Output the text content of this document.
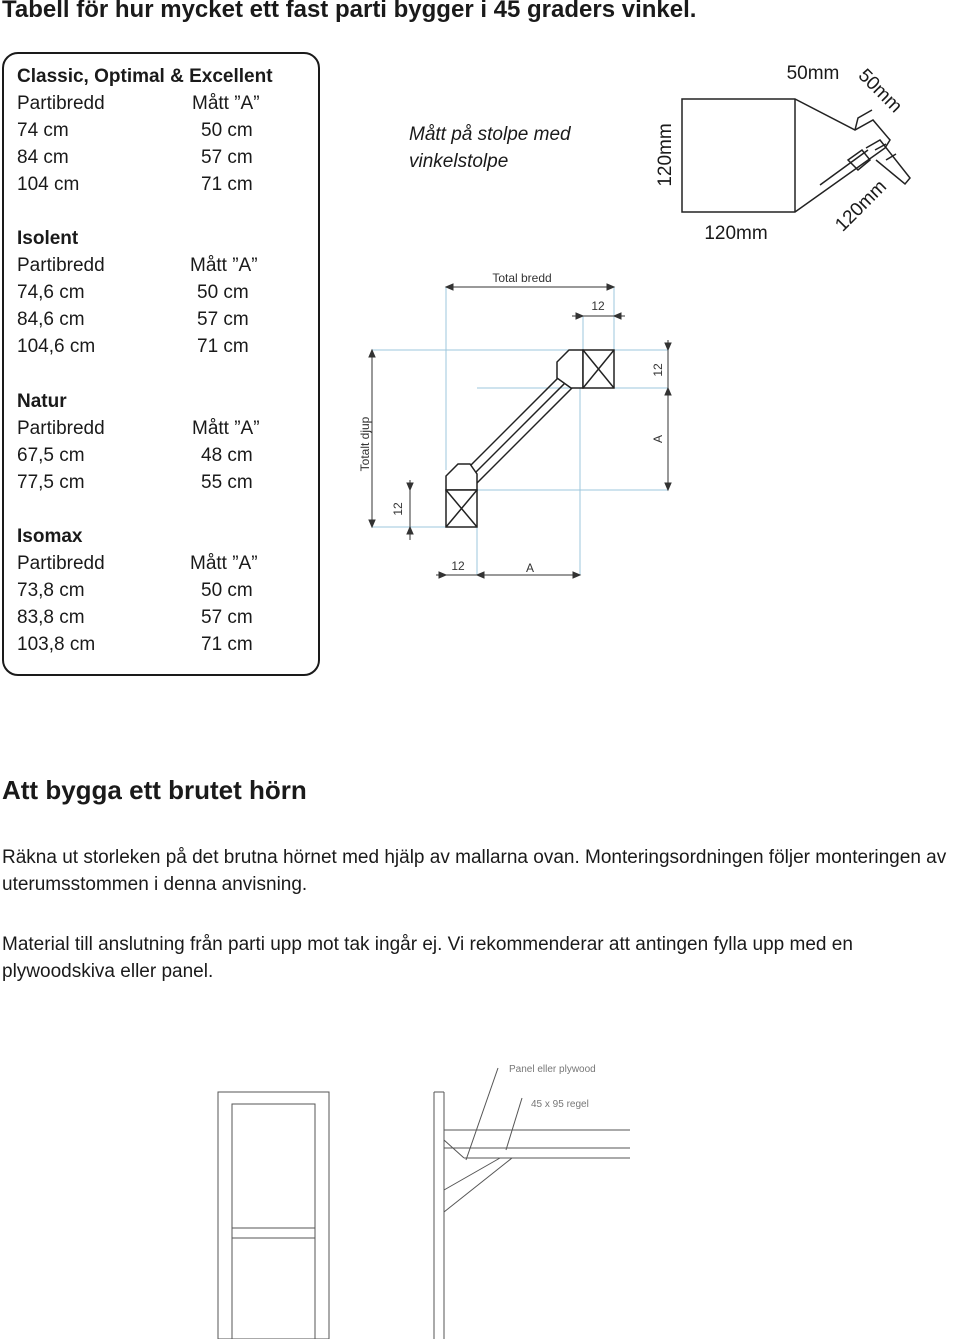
Tabell för hur mycket ett fast parti bygger i 45 graders vinkel.
Classic, Optimal & Excellent
Partibredd	Mått ”A”
74 cm	50 cm
84 cm	57 cm
104 cm	71 cm
Isolent
Partibredd	Mått ”A”
74,6 cm	50 cm
84,6 cm	57 cm
104,6 cm	71 cm
Natur
Partibredd	Mått ”A”
67,5 cm	48 cm
77,5 cm	55 cm
Isomax
Partibredd	Mått ”A”
73,8 cm	50 cm
83,8 cm	57 cm
103,8 cm	71 cm
Mått på stolpe med
vinkelstolpe
Total bredd
12
Totalt djup
12
12
A
12	A
50mm 50mm
120mm
120mm	120mm
Att bygga ett brutet hörn

Räkna ut storleken på det brutna hörnet med hjälp av mallarna ovan. Monteringsordningen följer monteringen av uterumsstommen i denna anvisning.

Material till anslutning från parti upp mot tak ingår ej. Vi rekommenderar att antingen fylla upp med en plywoodskiva eller panel.

Panel eller plywood
45 x 95 regel
